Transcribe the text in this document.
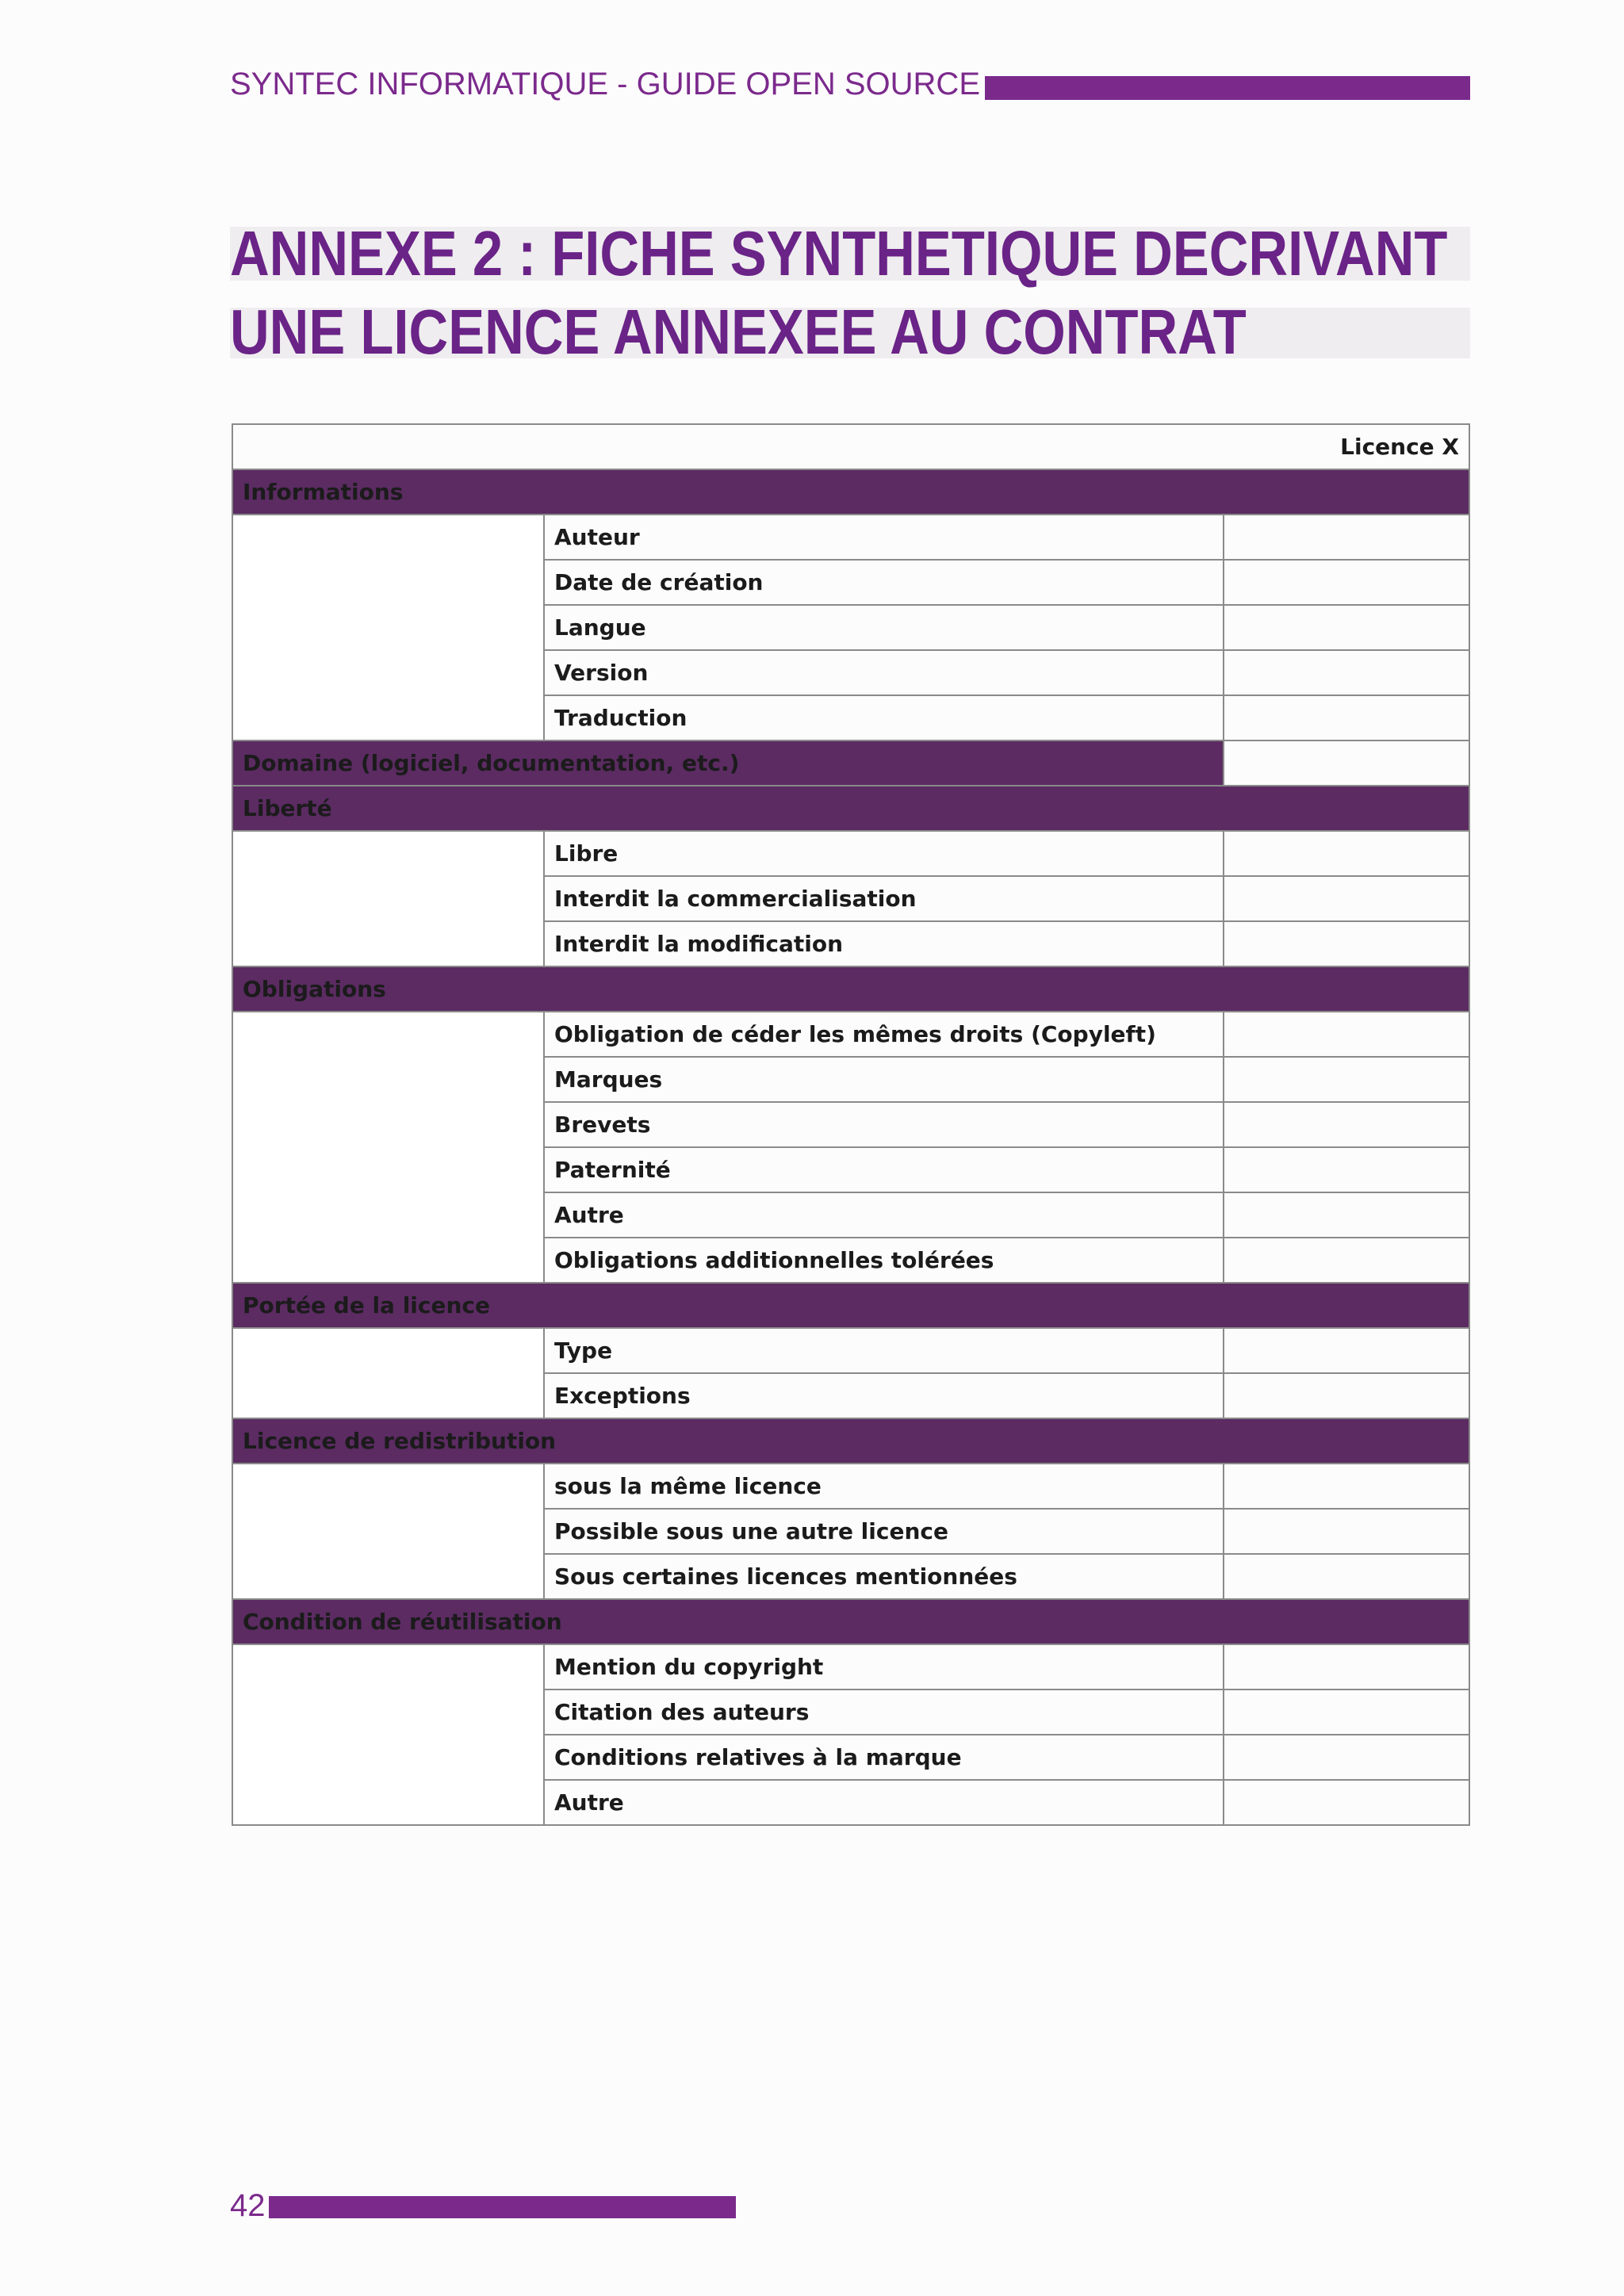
SYNTEC INFORMATIQUE - GUIDE OPEN SOURCE
ANNEXE 2 : FICHE SYNTHETIQUE DECRIVANT
UNE LICENCE ANNEXEE AU CONTRAT
Licence X		
Informations		
	Auteur	
	Date de création	
	Langue	
	Version	
	Traduction	
Domaine (logiciel, documentation, etc.)		
Liberté		
	Libre	
	Interdit la commercialisation	
	Interdit la modification	
Obligations		
	Obligation de céder les mêmes droits (Copyleft)	
	Marques	
	Brevets	
	Paternité	
	Autre	
	Obligations additionnelles tolérées	
Portée de la licence		
	Type	
	Exceptions	
Licence de redistribution		
	sous la même licence	
	Possible sous une autre licence	
	Sous certaines licences mentionnées	
Condition de réutilisation		
	Mention du copyright	
	Citation des auteurs	
	Conditions relatives à la marque	
	Autre	
42
